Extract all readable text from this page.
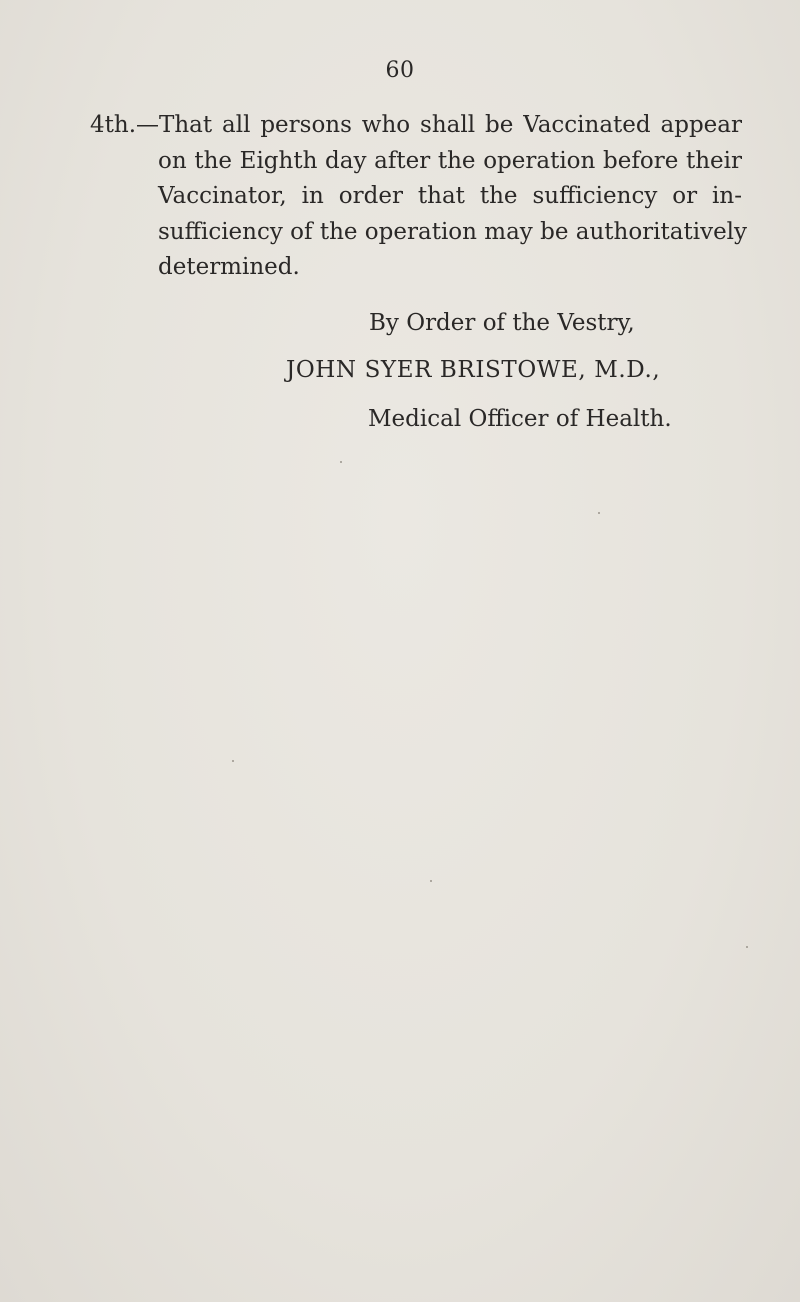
60
4th.—That all persons who shall be Vaccinated appear
on the Eighth day after the operation before their
Vaccinator, in order that the sufficiency or in-
sufficiency of the operation may be authoritatively
determined.
By Order of the Vestry,
JOHN SYER BRISTOWE, M.D.,
Medical Officer of Health.
